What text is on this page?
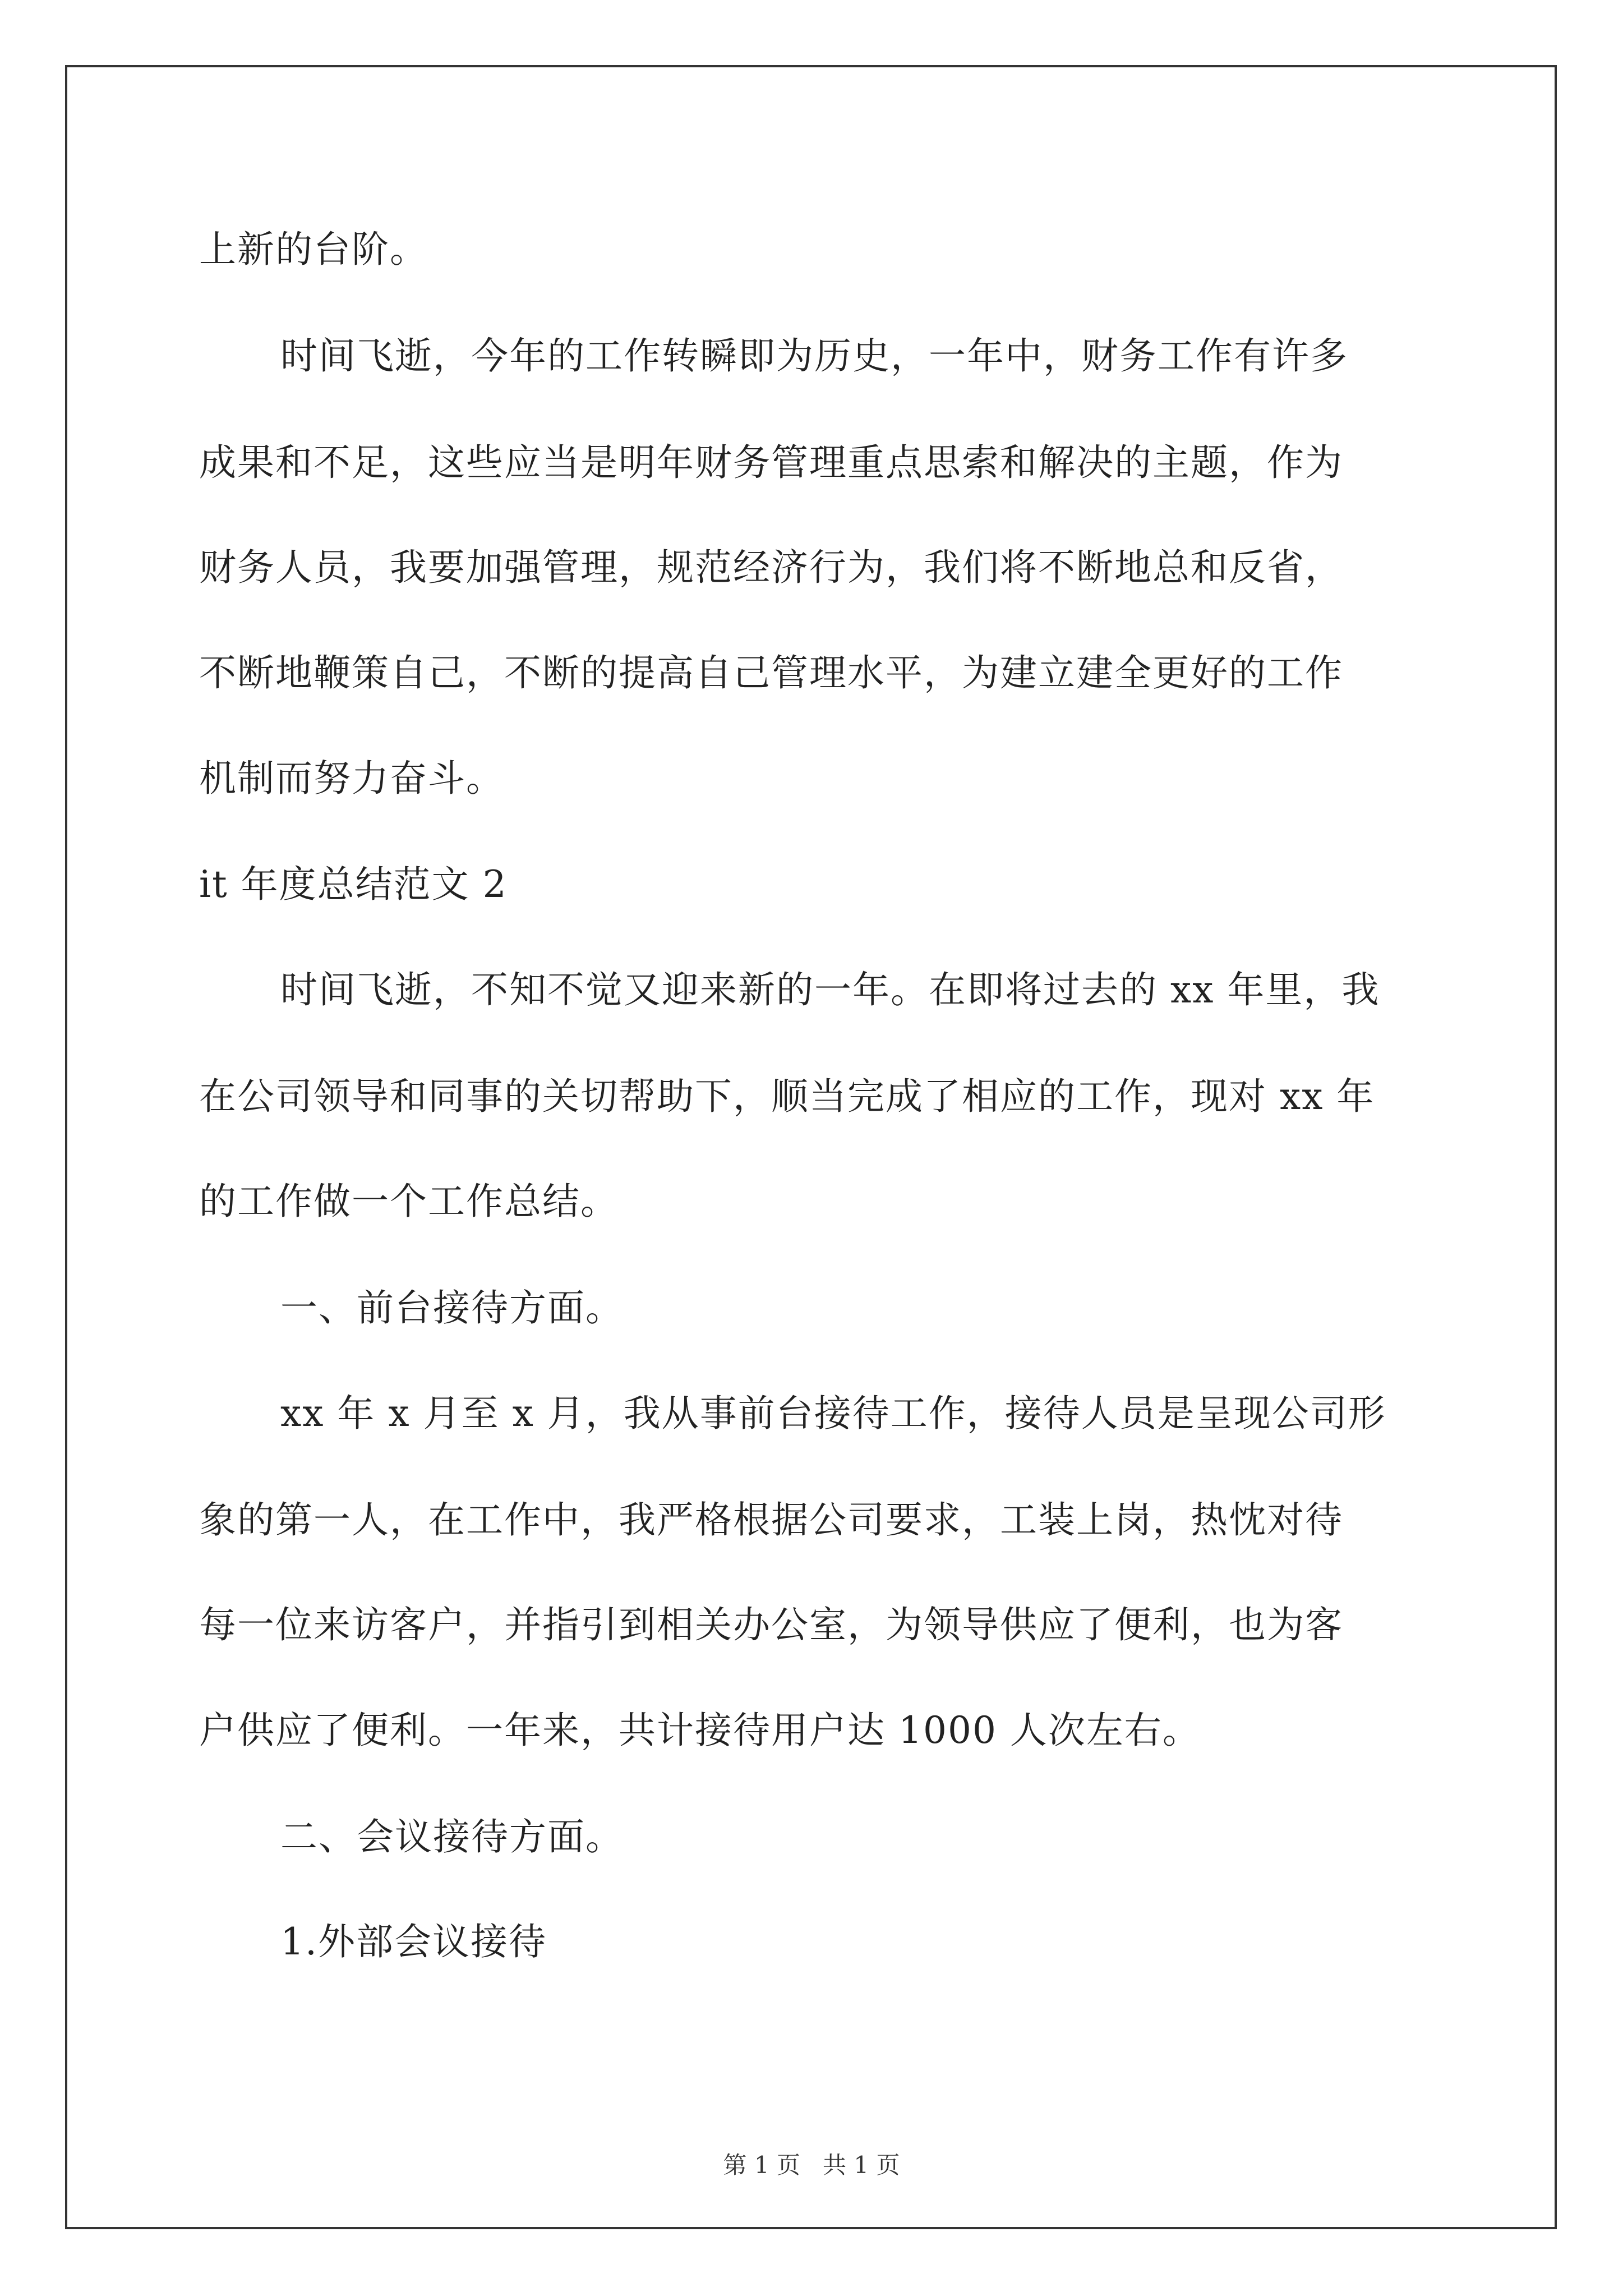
上新的台阶。
时间飞逝，今年的工作转瞬即为历史，一年中，财务工作有许多
成果和不足，这些应当是明年财务管理重点思索和解决的主题，作为
财务人员，我要加强管理，规范经济行为，我们将不断地总和反省，
不断地鞭策自己，不断的提高自己管理水平，为建立建全更好的工作
机制而努力奋斗。
it 年度总结范文 2
时间飞逝，不知不觉又迎来新的一年。在即将过去的 xx 年里，我
在公司领导和同事的关切帮助下，顺当完成了相应的工作，现对 xx 年
的工作做一个工作总结。
一、前台接待方面。
xx 年 x 月至 x 月，我从事前台接待工作，接待人员是呈现公司形
象的第一人，在工作中，我严格根据公司要求，工装上岗，热忱对待
每一位来访客户，并指引到相关办公室，为领导供应了便利，也为客
户供应了便利。一年来，共计接待用户达 1000 人次左右。
二、会议接待方面。
1.外部会议接待
第 1 页   共 1 页
